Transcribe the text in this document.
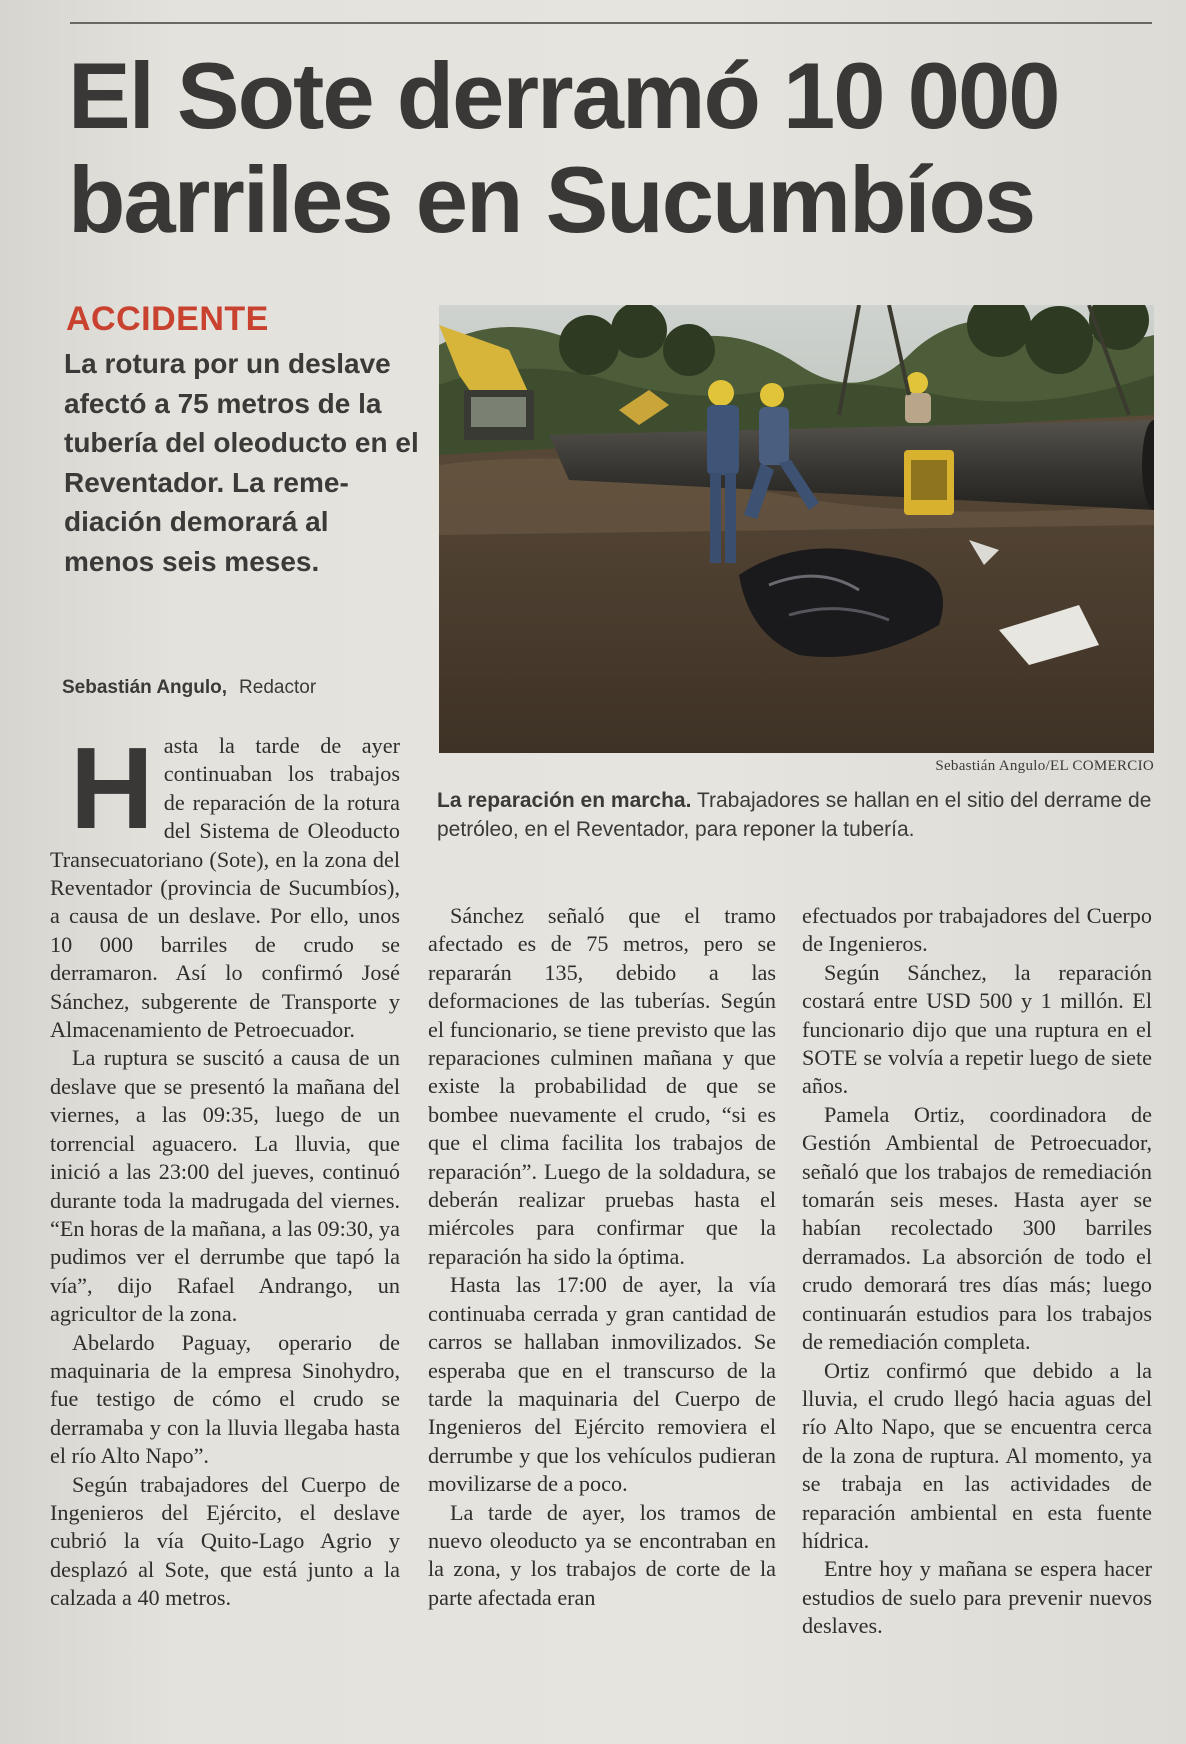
El Sote derramó 10 000 barriles en Sucumbíos
ACCIDENTE

La rotura por un deslave afectó a 75 metros de la tubería del oleoducto en el Reventador. La reme-diación demorará al menos seis meses.

Sebastián Angulo, Redactor
Sebastián Angulo/EL COMERCIO

La reparación en marcha. Trabajadores se hallan en el sitio del derrame de petróleo, en el Reventador, para reponer la tubería.

H asta la tarde de ayer continuaban los trabajos de reparación de la rotura del Sistema de Oleoducto Transecuatoriano (Sote), en la zona del Reventador (provincia de Sucumbíos), a causa de un deslave. Por ello, unos 10 000 barriles de crudo se derramaron. Así lo confirmó José Sánchez, subgerente de Transporte y Almacenamiento de Petroecuador.

La ruptura se suscitó a causa de un deslave que se presentó la mañana del viernes, a las 09:35, luego de un torrencial aguacero. La lluvia, que inició a las 23:00 del jueves, continuó durante toda la madrugada del viernes. “En horas de la mañana, a las 09:30, ya pudimos ver el derrumbe que tapó la vía”, dijo Rafael Andrango, un agricultor de la zona.

Abelardo Paguay, operario de maquinaria de la empresa Sinohydro, fue testigo de cómo el crudo se derramaba y con la lluvia llegaba hasta el río Alto Napo”.

Según trabajadores del Cuerpo de Ingenieros del Ejército, el deslave cubrió la vía Quito-Lago Agrio y desplazó al Sote, que está junto a la calzada a 40 metros.

Sánchez señaló que el tramo afectado es de 75 metros, pero se repararán 135, debido a las deformaciones de las tuberías. Según el funcionario, se tiene previsto que las reparaciones culminen mañana y que existe la probabilidad de que se bombee nuevamente el crudo, “si es que el clima facilita los trabajos de reparación”. Luego de la soldadura, se deberán realizar pruebas hasta el miércoles para confirmar que la reparación ha sido la óptima.

Hasta las 17:00 de ayer, la vía continuaba cerrada y gran cantidad de carros se hallaban inmovilizados. Se esperaba que en el transcurso de la tarde la maquinaria del Cuerpo de Ingenieros del Ejército removiera el derrumbe y que los vehículos pudieran movilizarse de a poco.

La tarde de ayer, los tramos de nuevo oleoducto ya se encontraban en la zona, y los trabajos de corte de la parte afectada eran

efectuados por trabajadores del Cuerpo de Ingenieros.

Según Sánchez, la reparación costará entre USD 500 y 1 millón. El funcionario dijo que una ruptura en el SOTE se volvía a repetir luego de siete años.

Pamela Ortiz, coordinadora de Gestión Ambiental de Petroecuador, señaló que los trabajos de remediación tomarán seis meses. Hasta ayer se habían recolectado 300 barriles derramados. La absorción de todo el crudo demorará tres días más; luego continuarán estudios para los trabajos de remediación completa.

Ortiz confirmó que debido a la lluvia, el crudo llegó hacia aguas del río Alto Napo, que se encuentra cerca de la zona de ruptura. Al momento, ya se trabaja en las actividades de reparación ambiental en esta fuente hídrica.

Entre hoy y mañana se espera hacer estudios de suelo para prevenir nuevos deslaves.
